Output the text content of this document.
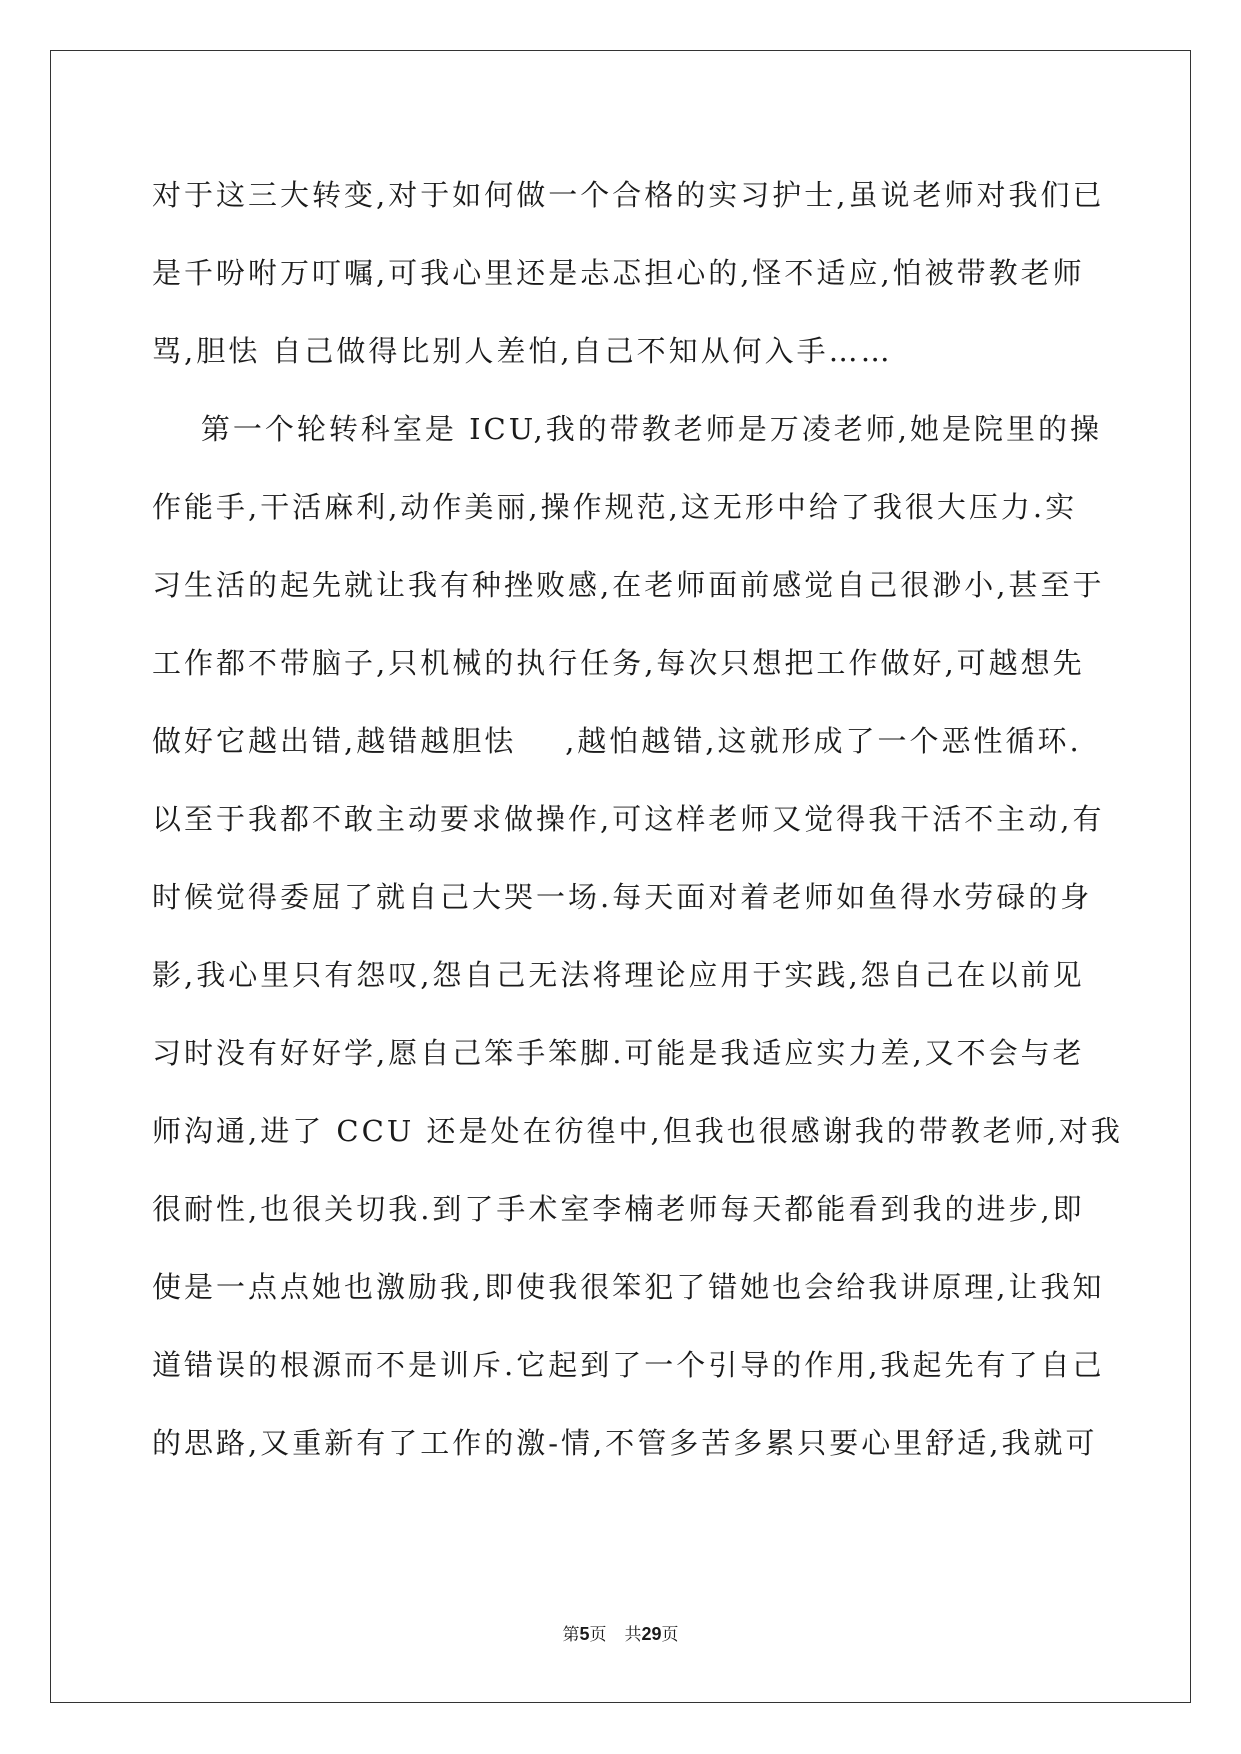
对于这三大转变,对于如何做一个合格的实习护士,虽说老师对我们已
是千吩咐万叮嘱,可我心里还是忐忑担心的,怪不适应,怕被带教老师
骂,胆怯 自己做得比别人差怕,自己不知从何入手……
第一个轮转科室是 ICU,我的带教老师是万凌老师,她是院里的操
作能手,干活麻利,动作美丽,操作规范,这无形中给了我很大压力.实
习生活的起先就让我有种挫败感,在老师面前感觉自己很渺小,甚至于
工作都不带脑子,只机械的执行任务,每次只想把工作做好,可越想先
做好它越出错,越错越胆怯    ,越怕越错,这就形成了一个恶性循环.
以至于我都不敢主动要求做操作,可这样老师又觉得我干活不主动,有
时候觉得委屈了就自己大哭一场.每天面对着老师如鱼得水劳碌的身
影,我心里只有怨叹,怨自己无法将理论应用于实践,怨自己在以前见
习时没有好好学,愿自己笨手笨脚.可能是我适应实力差,又不会与老
师沟通,进了 CCU 还是处在彷徨中,但我也很感谢我的带教老师,对我
很耐性,也很关切我.到了手术室李楠老师每天都能看到我的进步,即
使是一点点她也激励我,即使我很笨犯了错她也会给我讲原理,让我知
道错误的根源而不是训斥.它起到了一个引导的作用,我起先有了自己
的思路,又重新有了工作的激-情,不管多苦多累只要心里舒适,我就可
第5页 共29页
